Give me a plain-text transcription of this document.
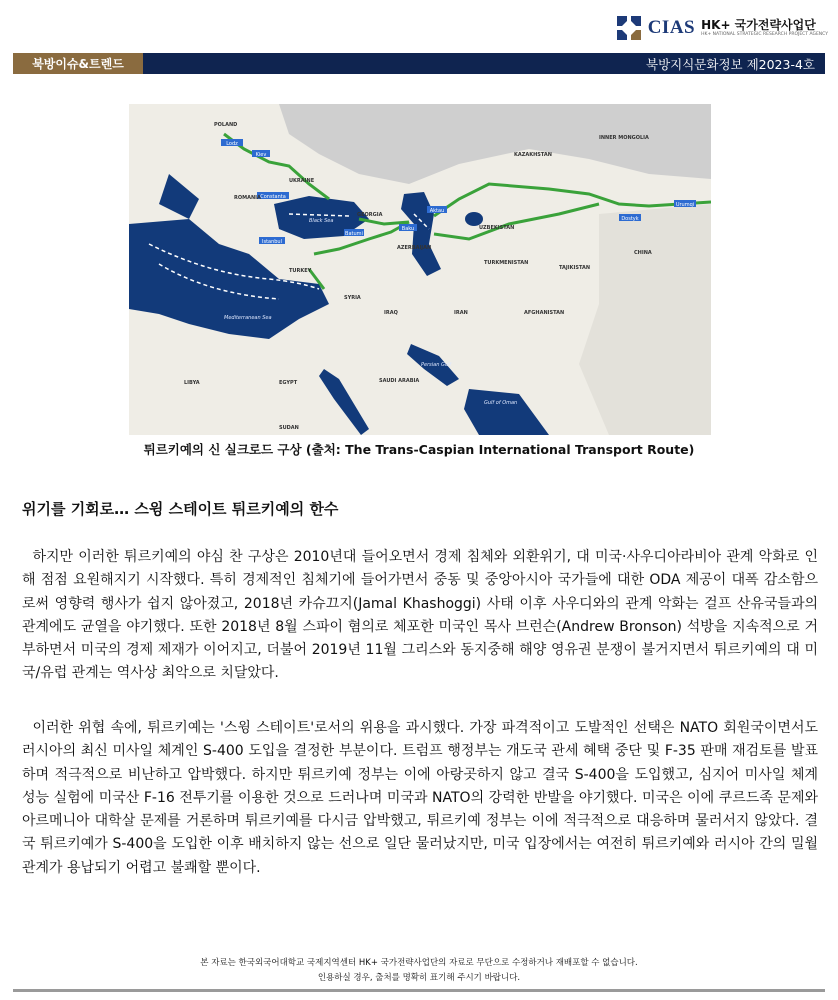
CIAS HK+ 국가전략사업단
HK+ NATIONAL STRATEGIC RESEARCH PROJECT AGENCY
북방이슈&트렌드	북방지식문화정보 제2023-4호
Lodz
Kiev
Constanta
Istanbul
Baku
Aktau
Urumqi
Dostyk
Batumi
POLAND
UKRAINE
ROMANIA
KAZAKHSTAN
GEORGIA
AZERBAIJAN
TURKEY
CHINA
UZBEKISTAN
TURKMENISTAN
TAJIKISTAN
AFGHANISTAN
IRAN
IRAQ
SYRIA
SAUDI ARABIA
EGYPT
LIBYA
SUDAN
INNER MONGOLIA
Black Sea
Mediterranean Sea
Persian Gulf
Gulf of Oman
튀르키예의 신 실크로드 구상 (출처: The Trans-Caspian International Transport Route)
위기를 기회로… 스윙 스테이트 튀르키예의 한수
하지만 이러한 튀르키예의 야심 찬 구상은 2010년대 들어오면서 경제 침체와 외환위기, 대 미국·사우디아라비아 관계 악화로 인해 점점 요원해지기 시작했다. 특히 경제적인 침체기에 들어가면서 중동 및 중앙아시아 국가들에 대한 ODA 제공이 대폭 감소함으로써 영향력 행사가 쉽지 않아졌고, 2018년 카슈끄지(Jamal Khashoggi) 사태 이후 사우디와의 관계 악화는 걸프 산유국들과의 관계에도 균열을 야기했다. 또한 2018년 8월 스파이 혐의로 체포한 미국인 목사 브런슨(Andrew Bronson) 석방을 지속적으로 거부하면서 미국의 경제 제재가 이어지고, 더불어 2019년 11월 그리스와 동지중해 해양 영유권 분쟁이 불거지면서 튀르키예의 대 미국/유럽 관계는 역사상 최악으로 치달았다.
이러한 위협 속에, 튀르키예는 '스윙 스테이트'로서의 위용을 과시했다. 가장 파격적이고 도발적인 선택은 NATO 회원국이면서도 러시아의 최신 미사일 체계인 S-400 도입을 결정한 부분이다. 트럼프 행정부는 개도국 관세 혜택 중단 및 F-35 판매 재검토를 발표하며 적극적으로 비난하고 압박했다. 하지만 튀르키예 정부는 이에 아랑곳하지 않고 결국 S-400을 도입했고, 심지어 미사일 체계 성능 실험에 미국산 F-16 전투기를 이용한 것으로 드러나며 미국과 NATO의 강력한 반발을 야기했다. 미국은 이에 쿠르드족 문제와 아르메니아 대학살 문제를 거론하며 튀르키예를 다시금 압박했고, 튀르키예 정부는 이에 적극적으로 대응하며 물러서지 않았다. 결국 튀르키예가 S-400을 도입한 이후 배치하지 않는 선으로 일단 물러났지만, 미국 입장에서는 여전히 튀르키예와 러시아 간의 밀월관계가 용납되기 어렵고 불쾌할 뿐이다.
본 자료는 한국외국어대학교 국제지역센터 HK+ 국가전략사업단의 자료로 무단으로 수정하거나 재배포할 수 없습니다.
인용하실 경우, 출처를 명확히 표기해 주시기 바랍니다.
